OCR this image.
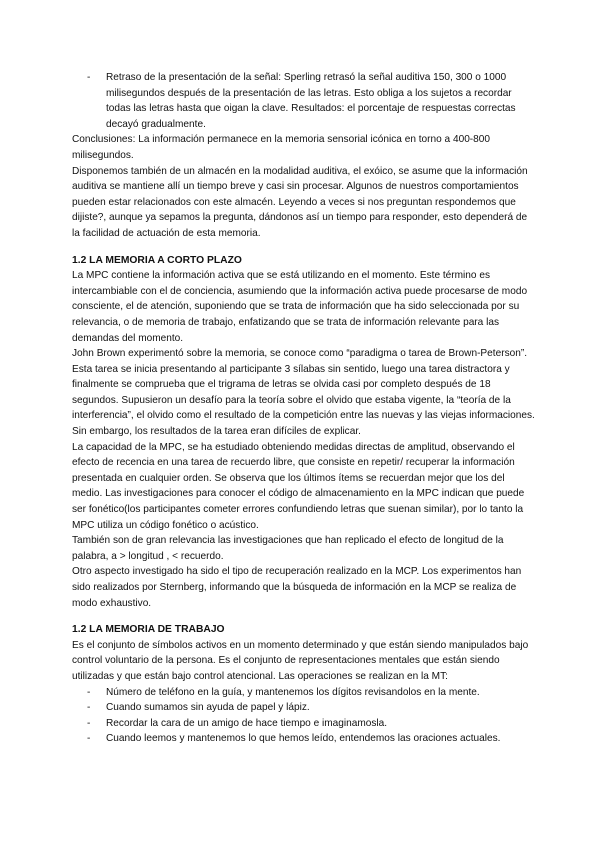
- Retraso de la presentación de la señal: Sperling retrasó la señal auditiva 150, 300 o 1000 milisegundos después de la presentación de las letras. Esto obliga a los sujetos a recordar todas las letras hasta que oigan la clave. Resultados: el porcentaje de respuestas correctas decayó gradualmente.

Conclusiones: La información permanece en la memoria sensorial icónica en torno a 400-800 milisegundos.

Disponemos también de un almacén en la modalidad auditiva, el exóico, se asume que la información auditiva se mantiene allí un tiempo breve y casi sin procesar. Algunos de nuestros comportamientos pueden estar relacionados con este almacén. Leyendo a veces si nos preguntan respondemos que dijiste?, aunque ya sepamos la pregunta, dándonos así un tiempo para responder, esto dependerá de la facilidad de actuación de esta memoria.

1.2 LA MEMORIA A CORTO PLAZO

La MPC contiene la información activa que se está utilizando en el momento. Este término es intercambiable con el de conciencia, asumiendo que la información activa puede procesarse de modo consciente, el de atención, suponiendo que se trata de información que ha sido seleccionada por su relevancia, o de memoria de trabajo, enfatizando que se trata de información relevante para las demandas del momento.

John Brown experimentó sobre la memoria, se conoce como “paradigma o tarea de Brown-Peterson”. Esta tarea se inicia presentando al participante 3 sílabas sin sentido, luego una tarea distractora y finalmente se comprueba que el trigrama de letras se olvida casi por completo después de 18 segundos. Supusieron un desafío para la teoría sobre el olvido que estaba vigente, la “teoría de la interferencia”, el olvido como el resultado de la competición entre las nuevas y las viejas informaciones. Sin embargo, los resultados de la tarea eran difíciles de explicar.

La capacidad de la MPC, se ha estudiado obteniendo medidas directas de amplitud, observando el efecto de recencia en una tarea de recuerdo libre, que consiste en repetir/ recuperar la información presentada en cualquier orden. Se observa que los últimos ítems se recuerdan mejor que los del medio. Las investigaciones para conocer el código de almacenamiento en la MPC indican que puede ser fonético(los participantes cometer errores confundiendo letras que suenan similar), por lo tanto la MPC utiliza un código fonético o acústico.

También son de gran relevancia las investigaciones que han replicado el efecto de longitud de la palabra, a > longitud , < recuerdo.

Otro aspecto investigado ha sido el tipo de recuperación realizado en la MCP. Los experimentos han sido realizados por Sternberg, informando que la búsqueda de información en la MCP se realiza de modo exhaustivo.

1.2 LA MEMORIA DE TRABAJO

Es el conjunto de símbolos activos en un momento determinado y que están siendo manipulados bajo control voluntario de la persona. Es el conjunto de representaciones mentales que están siendo utilizadas y que están bajo control atencional. Las operaciones se realizan en la MT:

- Número de teléfono en la guía, y mantenemos los dígitos revisandolos en la mente.
- Cuando sumamos sin ayuda de papel y lápiz.
- Recordar la cara de un amigo de hace tiempo e imaginamosla.
- Cuando leemos y mantenemos lo que hemos leído, entendemos las oraciones actuales.
